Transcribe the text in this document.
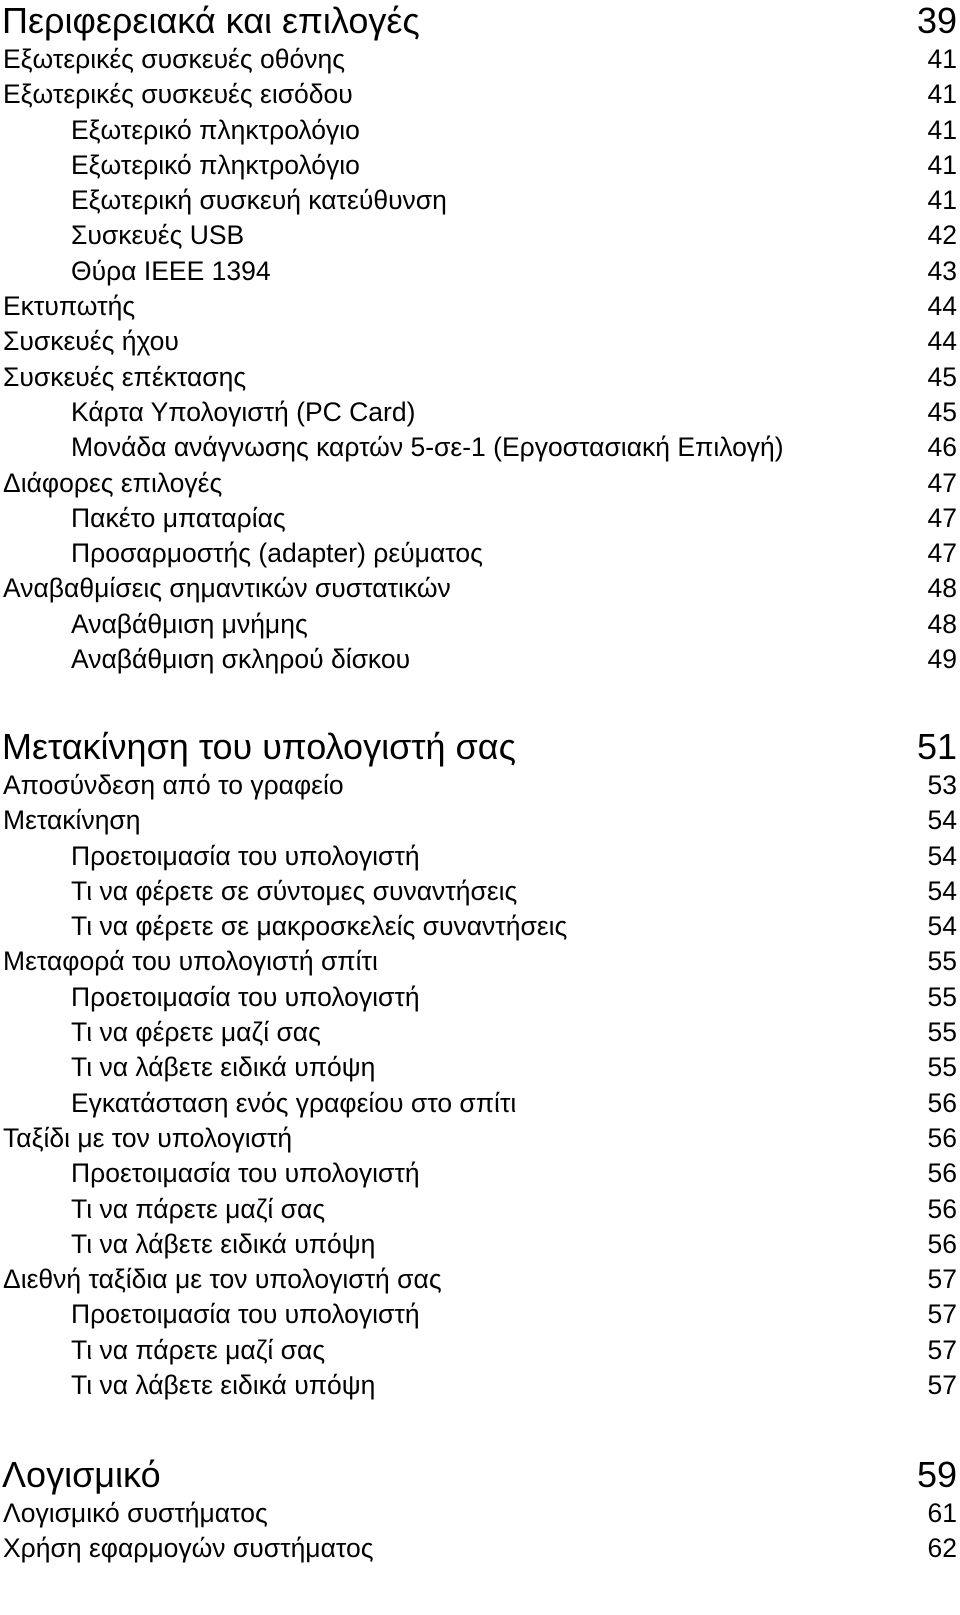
Περιφερειακά και επιλογές	39
Εξωτερικές συσκευές οθόνης	41
Εξωτερικές συσκευές εισόδου	41
Εξωτερικό πληκτρολόγιο	41
Εξωτερικό πληκτρολόγιο	41
Εξωτερική συσκευή κατεύθυνση	41
Συσκευές USB	42
Θύρα IEEE 1394	43
Εκτυπωτής	44
Συσκευές ήχου	44
Συσκευές επέκτασης	45
Κάρτα Υπολογιστή (PC Card)	45
Μονάδα ανάγνωσης καρτών 5-σε-1 (Εργοστασιακή Επιλογή)	46
Διάφορες επιλογές	47
Πακέτο μπαταρίας	47
Προσαρμοστής (adapter) ρεύματος	47
Αναβαθμίσεις σημαντικών συστατικών	48
Αναβάθμιση μνήμης	48
Αναβάθμιση σκληρού δίσκου	49
Μετακίνηση του υπολογιστή σας	51
Αποσύνδεση από το γραφείο	53
Μετακίνηση	54
Προετοιμασία του υπολογιστή	54
Τι να φέρετε σε σύντομες συναντήσεις	54
Τι να φέρετε σε μακροσκελείς συναντήσεις	54
Μεταφορά του υπολογιστή σπίτι	55
Προετοιμασία του υπολογιστή	55
Τι να φέρετε μαζί σας	55
Τι να λάβετε ειδικά υπόψη	55
Εγκατάσταση ενός γραφείου στο σπίτι	56
Ταξίδι με τον υπολογιστή	56
Προετοιμασία του υπολογιστή	56
Τι να πάρετε μαζί σας	56
Τι να λάβετε ειδικά υπόψη	56
Διεθνή ταξίδια με τον υπολογιστή σας	57
Προετοιμασία του υπολογιστή	57
Τι να πάρετε μαζί σας	57
Τι να λάβετε ειδικά υπόψη	57
Λογισμικό	59
Λογισμικό συστήματος	61
Χρήση εφαρμογών συστήματος	62
